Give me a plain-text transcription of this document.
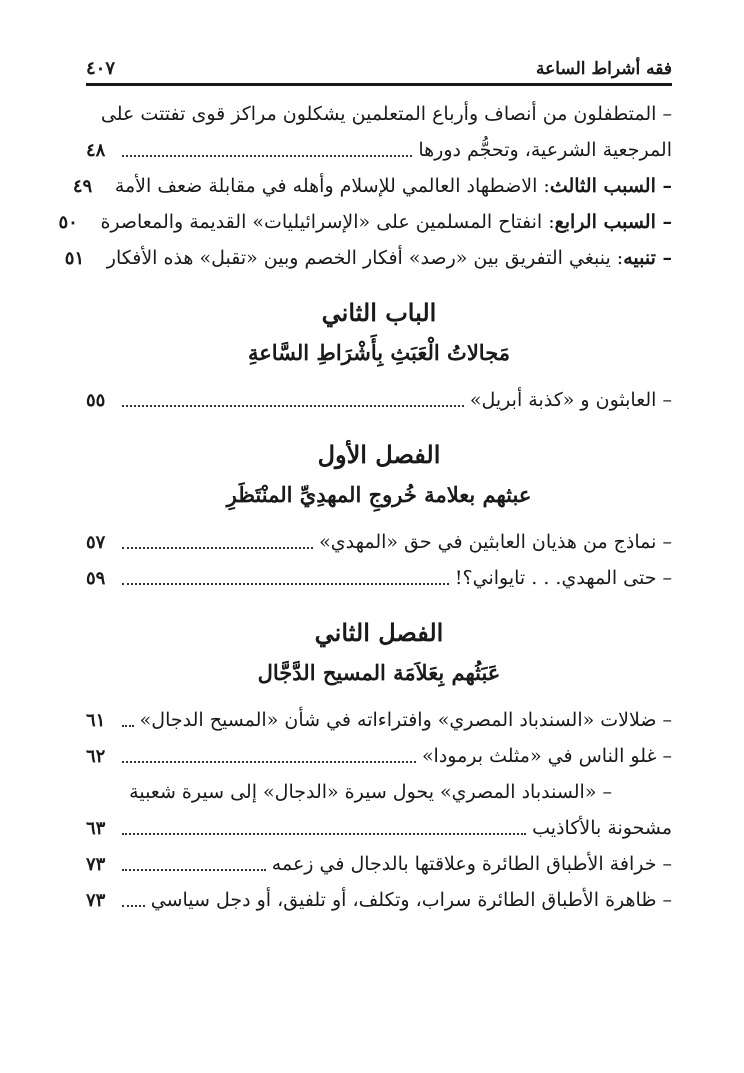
فقه أشراط الساعة
٤٠٧
– المتطفلون من أنصاف وأرباع المتعلمين يشكلون مراكز قوى تفتتت على
المرجعية الشرعية، وتحجُّم دورها
٤٨
– السبب الثالث: الاضطهاد العالمي للإسلام وأهله في مقابلة ضعف الأمة
٤٩
– السبب الرابع: انفتاح المسلمين على «الإسرائيليات» القديمة والمعاصرة
٥٠
– تنبيه: ينبغي التفريق بين «رصد» أفكار الخصم وبين «تقبل» هذه الأفكار
٥١
الباب الثاني
مَجالاتُ الْعَبَثِ بِأَشْرَاطِ السَّاعةِ
– العابثون و «كذبة أبريل»
٥٥
الفصل الأول
عبثهم بعلامة خُروجِ المهدِيِّ المنْتَظَرِ
– نماذج من هذيان العابثين في حق «المهدي»
٥٧
– حتى المهدي. . . تايواني؟!
٥٩
الفصل الثاني
عَبَثُهم بِعَلاَمَة المسيح الدَّجَّال
– ضلالات «السندباد المصري» وافتراءاته في شأن «المسيح الدجال»
٦١
– غلو الناس في «مثلث برمودا»
٦٢
– «السندباد المصري» يحول سيرة «الدجال» إلى سيرة شعبية
مشحونة بالأكاذيب
٦٣
– خرافة الأطباق الطائرة وعلاقتها بالدجال في زعمه
٧٣
– ظاهرة الأطباق الطائرة سراب، وتكلف، أو تلفيق، أو دجل سياسي
٧٣
